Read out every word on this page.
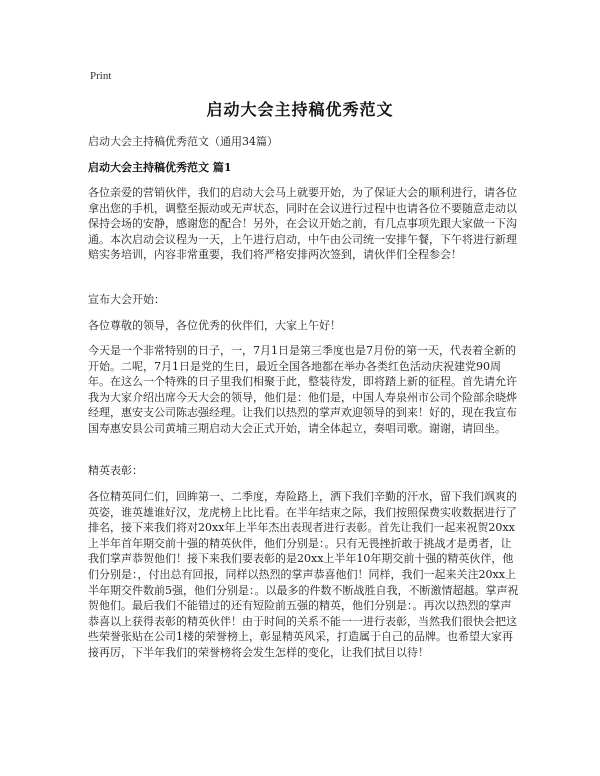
Print
启动大会主持稿优秀范文
启动大会主持稿优秀范文（通用34篇）
启动大会主持稿优秀范文 篇1
各位亲爱的营销伙伴，我们的启动大会马上就要开始，为了保证大会的顺利进行，请各位拿出您的手机，调整至振动或无声状态，同时在会议进行过程中也请各位不要随意走动以保持会场的安静，感谢您的配合！另外，在会议开始之前，有几点事项先跟大家做一下沟通。本次启动会议程为一天，上午进行启动，中午由公司统一安排午餐，下午将进行新理赔实务培训，内容非常重要，我们将严格安排两次签到，请伙伴们全程参会！
宣布大会开始：
各位尊敬的领导，各位优秀的伙伴们，大家上午好！
今天是一个非常特别的日子，一，7月1日是第三季度也是7月份的第一天，代表着全新的开始。二呢，7月1日是党的生日，最近全国各地都在举办各类红色活动庆祝建党90周年。在这么一个特殊的日子里我们相聚于此，整装待发，即将踏上新的征程。首先请允许我为大家介绍出席今天大会的领导，他们是：他们是，中国人寿泉州市公司个险部余晓烨经理，惠安支公司陈志强经理。让我们以热烈的掌声欢迎领导的到来！好的，现在我宣布国寿惠安县公司黄埔三期启动大会正式开始，请全体起立，奏唱司歌。谢谢，请回坐。
精英表彰：
各位精英同仁们，回眸第一、二季度，寿险路上，洒下我们辛勤的汗水，留下我们飒爽的英姿，谁英雄谁好汉，龙虎榜上比比看。在半年结束之际，我们按照保费实收数据进行了排名，接下来我们将对20xx年上半年杰出表现者进行表彰。首先让我们一起来祝贺20xx上半年首年期交前十强的精英伙伴，他们分别是：。只有无畏挫折敢于挑战才是勇者，让我们掌声恭贺他们！接下来我们要表彰的是20xx上半年10年期交前十强的精英伙伴，他们分别是：，付出总有回报，同样以热烈的掌声恭喜他们！同样，我们一起来关注20xx上半年期交件数前5强，他们分别是：。以最多的件数不断战胜自我，不断激情超越。掌声祝贺他们。最后我们不能错过的还有短险前五强的精英，他们分别是：。再次以热烈的掌声恭喜以上获得表彰的精英伙伴！由于时间的关系不能一一进行表彰，当然我们很快会把这些荣誉张贴在公司1楼的荣誉榜上，彰显精英风采，打造属于自己的品牌。也希望大家再接再厉，下半年我们的荣誉榜将会发生怎样的变化，让我们拭目以待！
